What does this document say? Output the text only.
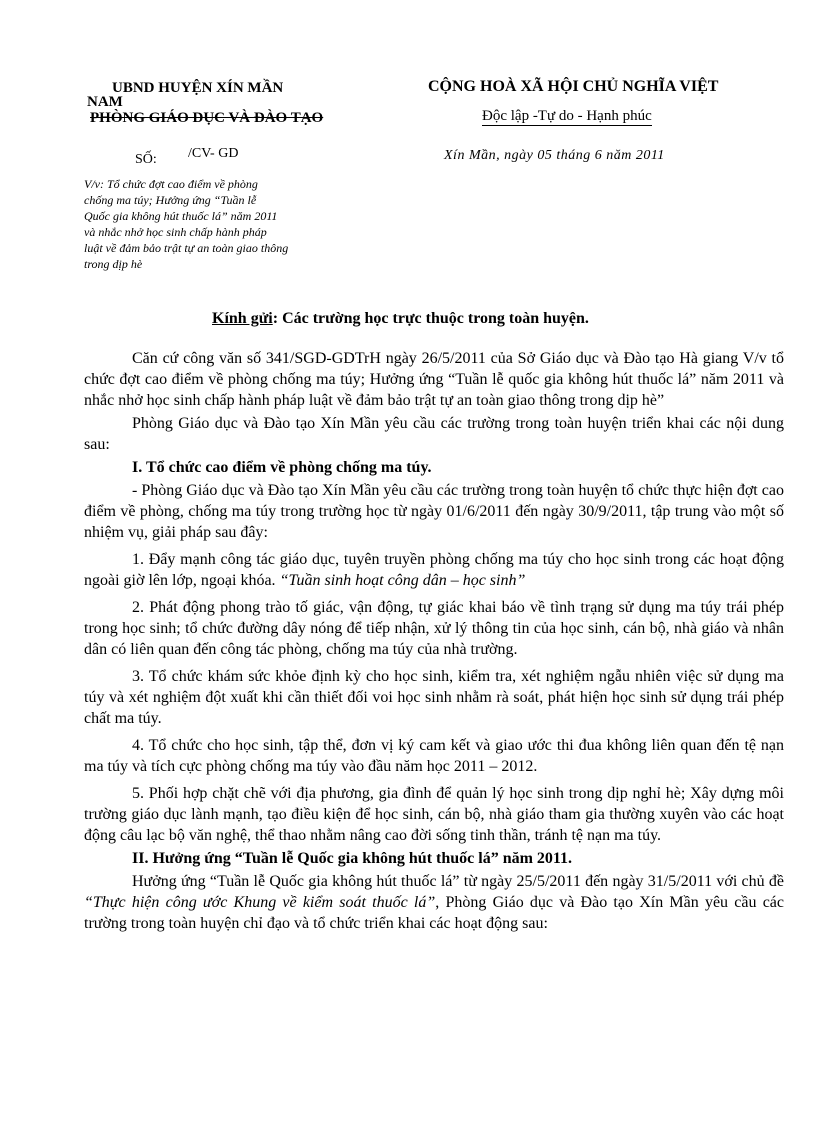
UBND HUYỆN XÍN MẦN
NAM
PHÒNG GIÁO DỤC VÀ ĐÀO TẠO
CỘNG HOÀ XÃ HỘI CHỦ NGHĨA VIỆT
Độc lập -Tự do - Hạnh phúc
SỐ: /CV- GD	Xín Mần, ngày 05 tháng 6 năm 2011
V/v: Tổ chức đợt cao điểm về phòng
chống ma túy; Hưởng ứng “Tuần lễ
Quốc gia không hút thuốc lá” năm 2011
và nhắc nhở học sinh chấp hành pháp
luật về đảm bảo trật tự an toàn giao thông
trong dịp hè
Kính gửi: Các trường học trực thuộc trong toàn huyện.

Căn cứ công văn số 341/SGD-GDTrH ngày 26/5/2011 của Sở Giáo dục và Đào tạo Hà giang V/v tổ chức đợt cao điểm về phòng chống ma túy; Hưởng ứng “Tuần lễ quốc gia không hút thuốc lá” năm 2011 và nhắc nhở học sinh chấp hành pháp luật về đảm bảo trật tự an toàn giao thông trong dịp hè”

Phòng Giáo dục và Đào tạo Xín Mần yêu cầu các trường trong toàn huyện triển khai các nội dung sau:

I. Tổ chức cao điểm về phòng chống ma túy.

- Phòng Giáo dục và Đào tạo Xín Mần yêu cầu các trường trong toàn huyện tổ chức thực hiện đợt cao điểm về phòng, chống ma túy trong trường học từ ngày 01/6/2011 đến ngày 30/9/2011, tập trung vào một số nhiệm vụ, giải pháp sau đây:

1. Đẩy mạnh công tác giáo dục, tuyên truyền phòng chống ma túy cho học sinh trong các hoạt động ngoài giờ lên lớp, ngoại khóa. “Tuần sinh hoạt công dân – học sinh”

2. Phát động phong trào tố giác, vận động, tự giác khai báo về tình trạng sử dụng ma túy trái phép trong học sinh; tổ chức đường dây nóng để tiếp nhận, xử lý thông tin của học sinh, cán bộ, nhà giáo và nhân dân có liên quan đến công tác phòng, chống ma túy của nhà trường.

3. Tổ chức khám sức khỏe định kỳ cho học sinh, kiểm tra, xét nghiệm ngẫu nhiên việc sử dụng ma túy và xét nghiệm đột xuất khi cần thiết đối voi học sinh nhằm rà soát, phát hiện học sinh sử dụng trái phép chất ma túy.

4. Tổ chức cho học sinh, tập thể, đơn vị ký cam kết và giao ước thi đua không liên quan đến tệ nạn ma túy và tích cực phòng chống ma túy vào đầu năm học 2011 – 2012.

5. Phối hợp chặt chẽ với địa phương, gia đình để quản lý học sinh trong dịp nghỉ hè; Xây dựng môi trường giáo dục lành mạnh, tạo điều kiện để học sinh, cán bộ, nhà giáo tham gia thường xuyên vào các hoạt động câu lạc bộ văn nghệ, thể thao nhằm nâng cao đời sống tinh thần, tránh tệ nạn ma túy.

II. Hưởng ứng “Tuần lễ Quốc gia không hút thuốc lá” năm 2011.

Hưởng ứng “Tuần lễ Quốc gia không hút thuốc lá” từ ngày 25/5/2011 đến ngày 31/5/2011 với chủ đề “Thực hiện công ước Khung về kiểm soát thuốc lá”, Phòng Giáo dục và Đào tạo Xín Mần yêu cầu các trường trong toàn huyện chỉ đạo và tổ chức triển khai các hoạt động sau:
